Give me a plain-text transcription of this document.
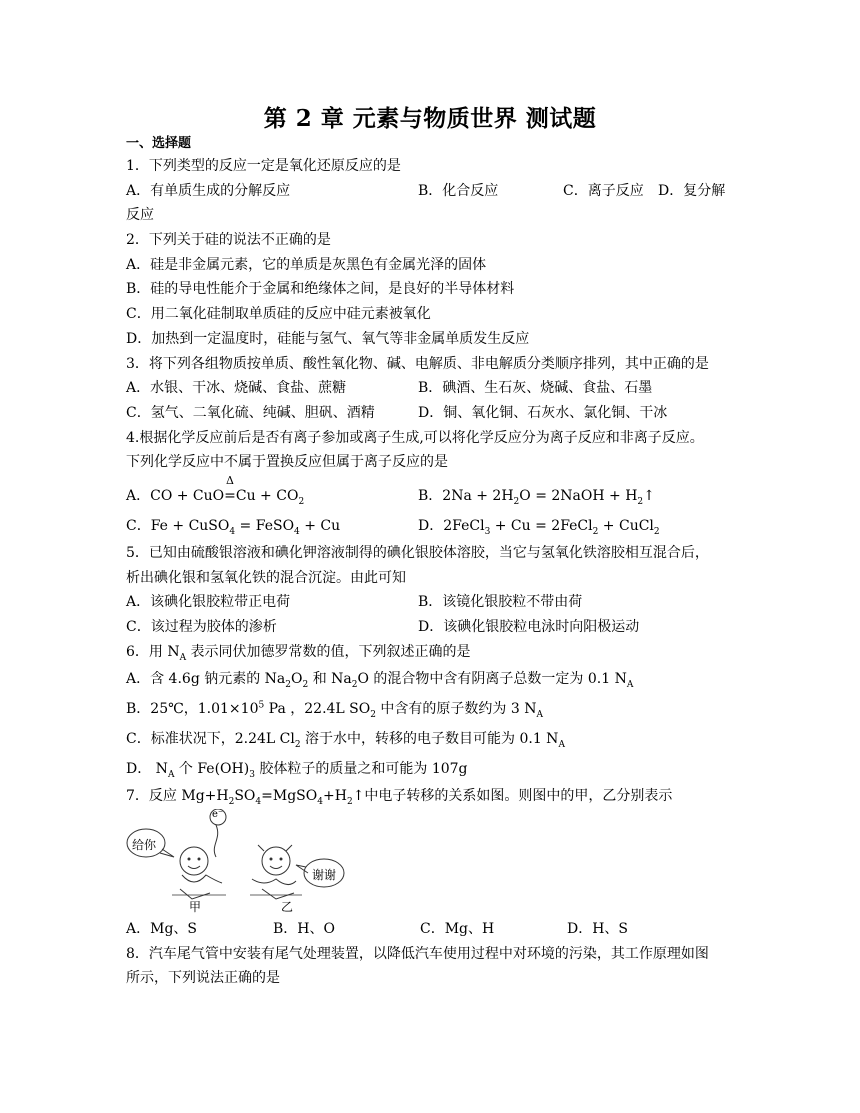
第 2 章 元素与物质世界 测试题
一、选择题
1．下列类型的反应一定是氧化还原反应的是
A．有单质生成的分解反应	B．化合反应	C．离子反应 D．复分解
反应
2．下列关于硅的说法不正确的是
A．硅是非金属元素，它的单质是灰黑色有金属光泽的固体
B．硅的导电性能介于金属和绝缘体之间，是良好的半导体材料
C．用二氧化硅制取单质硅的反应中硅元素被氧化
D．加热到一定温度时，硅能与氢气、氧气等非金属单质发生反应
3．将下列各组物质按单质、酸性氧化物、碱、电解质、非电解质分类顺序排列，其中正确的是
A．水银、干冰、烧碱、食盐、蔗糖	B．碘酒、生石灰、烧碱、食盐、石墨
C．氢气、二氧化硫、纯碱、胆矾、酒精	D．铜、氧化铜、石灰水、氯化铜、干冰
4.根据化学反应前后是否有离子参加或离子生成,可以将化学反应分为离子反应和非离子反应。
下列化学反应中不属于置换反应但属于离子反应的是
A．CO + CuO
Δ
$=Cu + CO_2$	B．$2Na + 2H_2O$ = 2NaOH + $H_2↑$
C．Fe + CuSO$_4$ = FeSO$_4$ + Cu	D．2FeCl$_3$ + Cu = 2FeCl$_2$ + CuCl$_2$
5．已知由硫酸银溶液和碘化钾溶液制得的碘化银胶体溶胶，当它与氢氧化铁溶胶相互混合后，
析出碘化银和氢氧化铁的混合沉淀。由此可知
A．该碘化银胶粒带正电荷	B．该镜化银胶粒不带由荷
C．该过程为胶体的渗析	D．该碘化银胶粒电泳时向阳极运动
6．用 $N_A$ 表示同伏加德罗常数的值，下列叙述正确的是
A．含 4.6g 钠元素的 $Na_2O_2$ 和 $Na_2O$ 的混合物中含有阴离子总数一定为 0.1 $N_A$
B．25℃，$1.01\times 10^5$ Pa ，22.4L $SO_2$ 中含有的原子数约为 3 $N_A$
C．标准状况下，2.24L $Cl_2$ 溶于水中，转移的电子数目可能为 0.1 $N_A$
D． $N_A$ 个 $Fe(OH)_3$ 胶体粒子的质量之和可能为 107g
7．反应 $Mg+H_2SO_4=MgSO_4+H_2↑$中电子转移的关系如图。则图中的甲，乙分别表示
给你
e⁻
谢谢
甲	乙
A．Mg、S	B．H、O	C．Mg、H	D．H、S
8．汽车尾气管中安装有尾气处理装置，以降低汽车使用过程中对环境的污染，其工作原理如图
所示，下列说法正确的是
